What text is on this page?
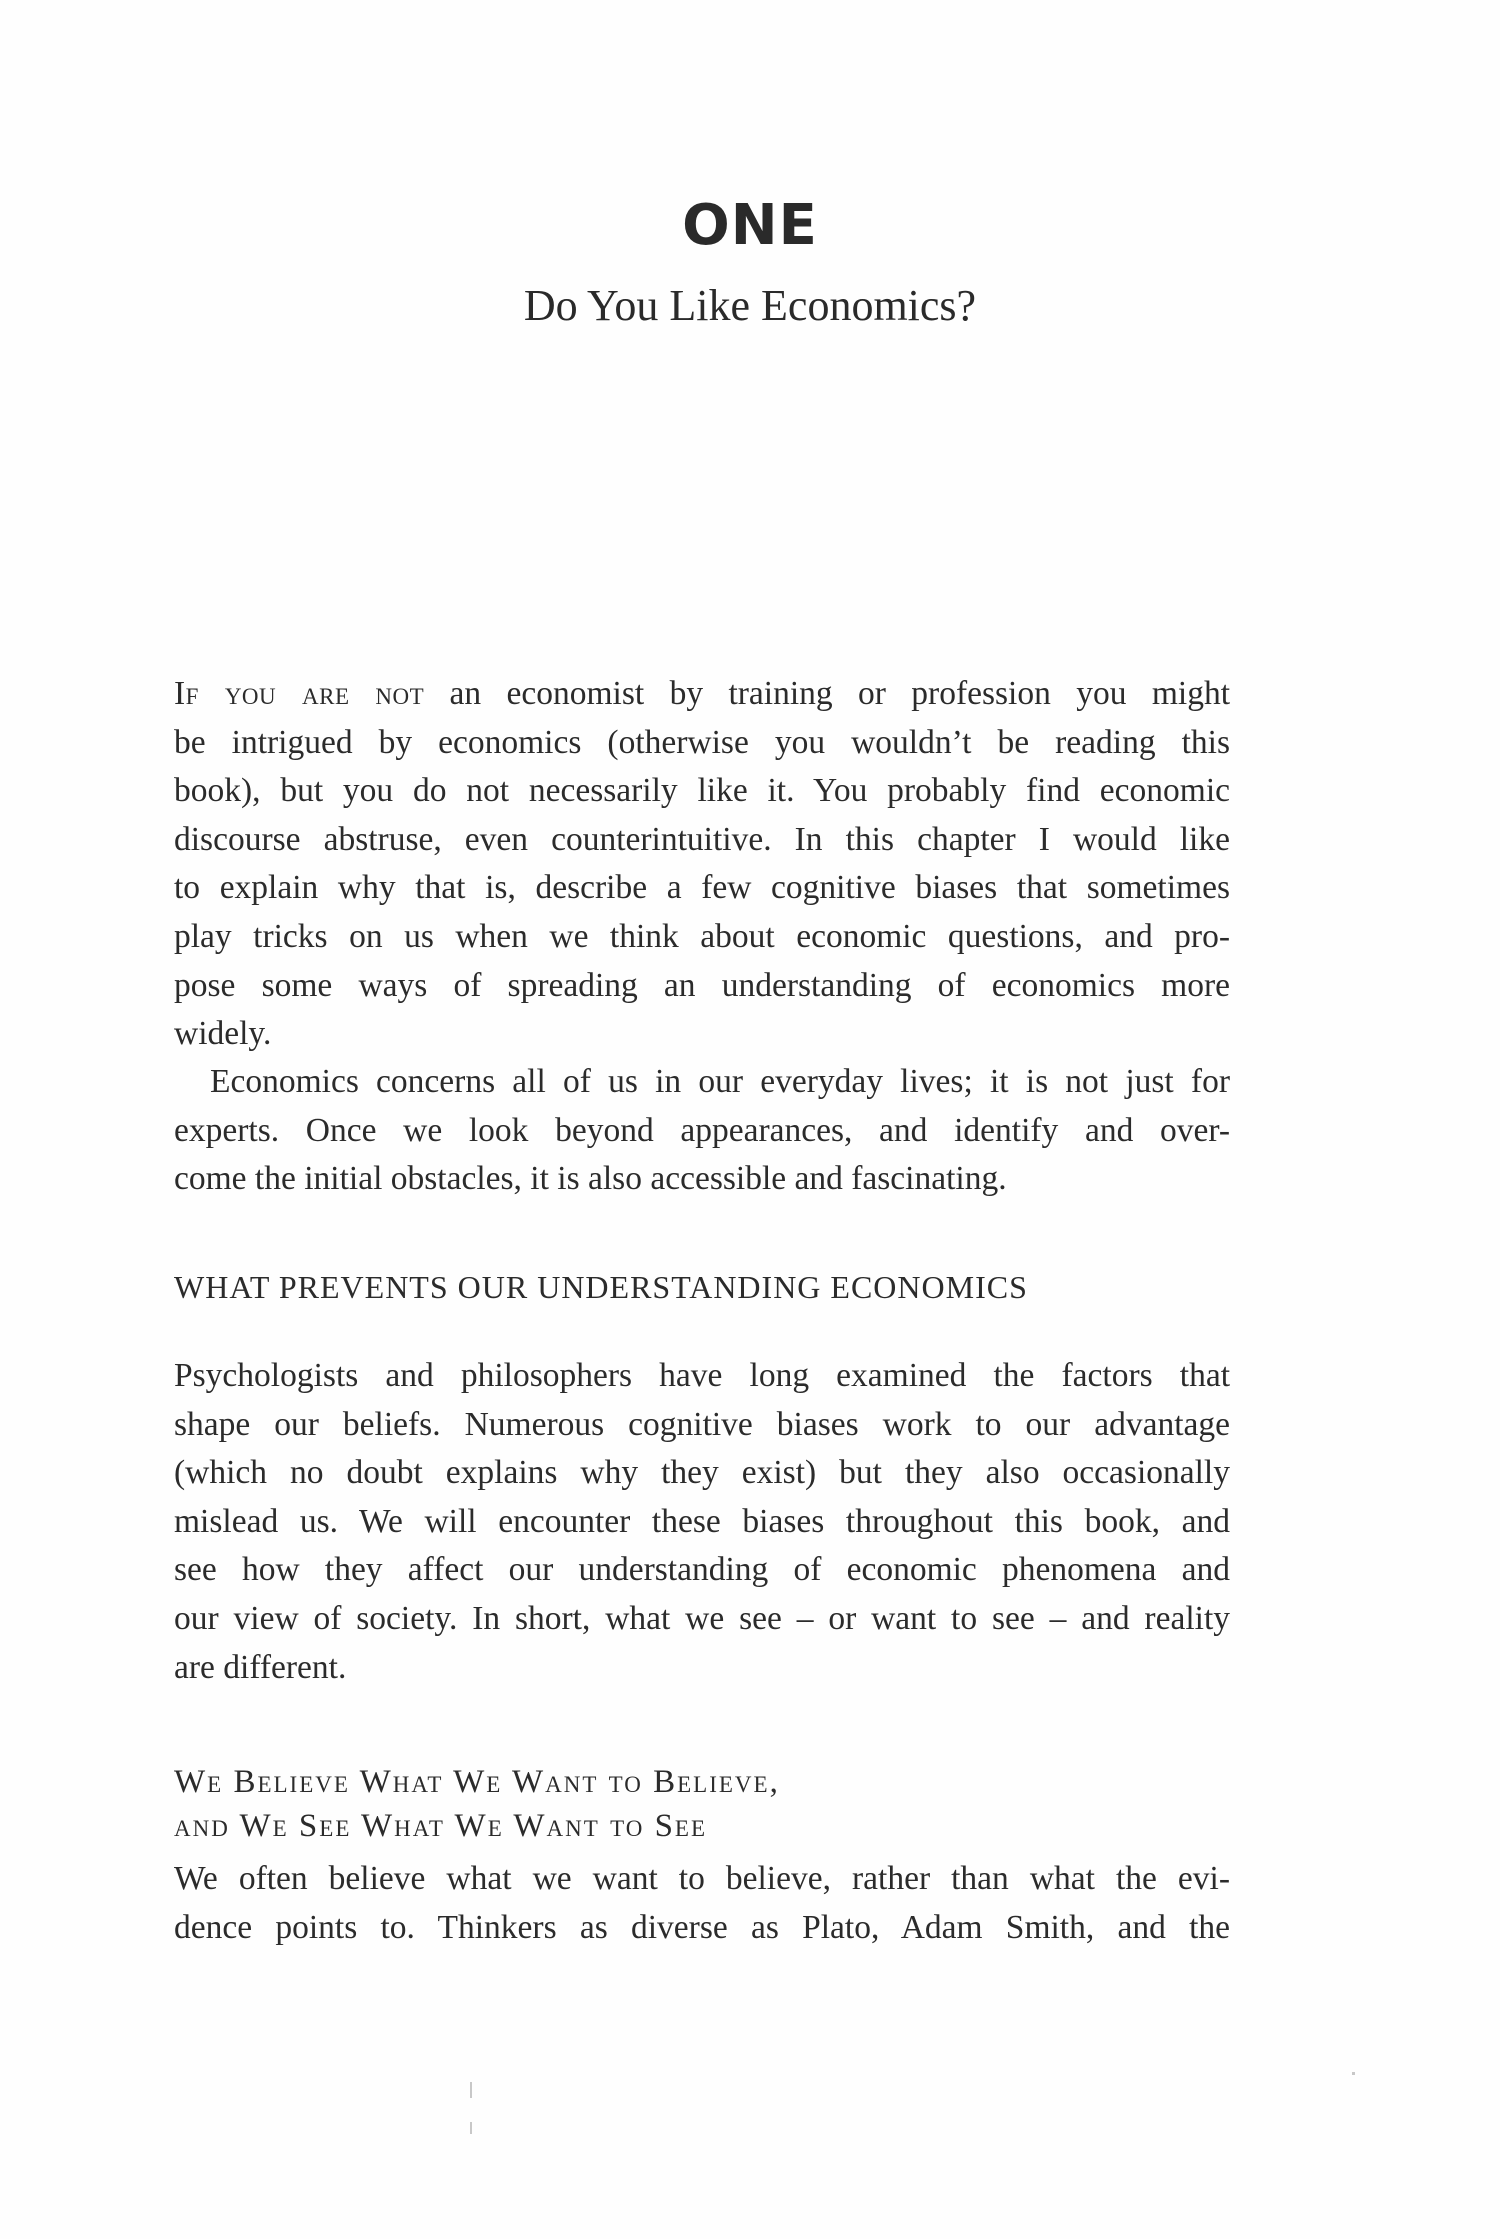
ONE
Do You Like Economics?

If you are not an economist by training or profession you might

be intrigued by economics (otherwise you wouldn’t be reading this

book), but you do not necessarily like it. You probably find economic

discourse abstruse, even counterintuitive. In this chapter I would like

to explain why that is, describe a few cognitive biases that sometimes

play tricks on us when we think about economic questions, and pro-

pose some ways of spreading an understanding of economics more

widely.

Economics concerns all of us in our everyday lives; it is not just for

experts. Once we look beyond appearances, and identify and over-

come the initial obstacles, it is also accessible and fascinating.

WHAT PREVENTS OUR UNDERSTANDING ECONOMICS

Psychologists and philosophers have long examined the factors that

shape our beliefs. Numerous cognitive biases work to our advantage

(which no doubt explains why they exist) but they also occasionally

mislead us. We will encounter these biases throughout this book, and

see how they affect our understanding of economic phenomena and

our view of society. In short, what we see – or want to see – and reality

are different.

We Believe What We Want to Believe,
and We See What We Want to See

We often believe what we want to believe, rather than what the evi-

dence points to. Thinkers as diverse as Plato, Adam Smith, and the
